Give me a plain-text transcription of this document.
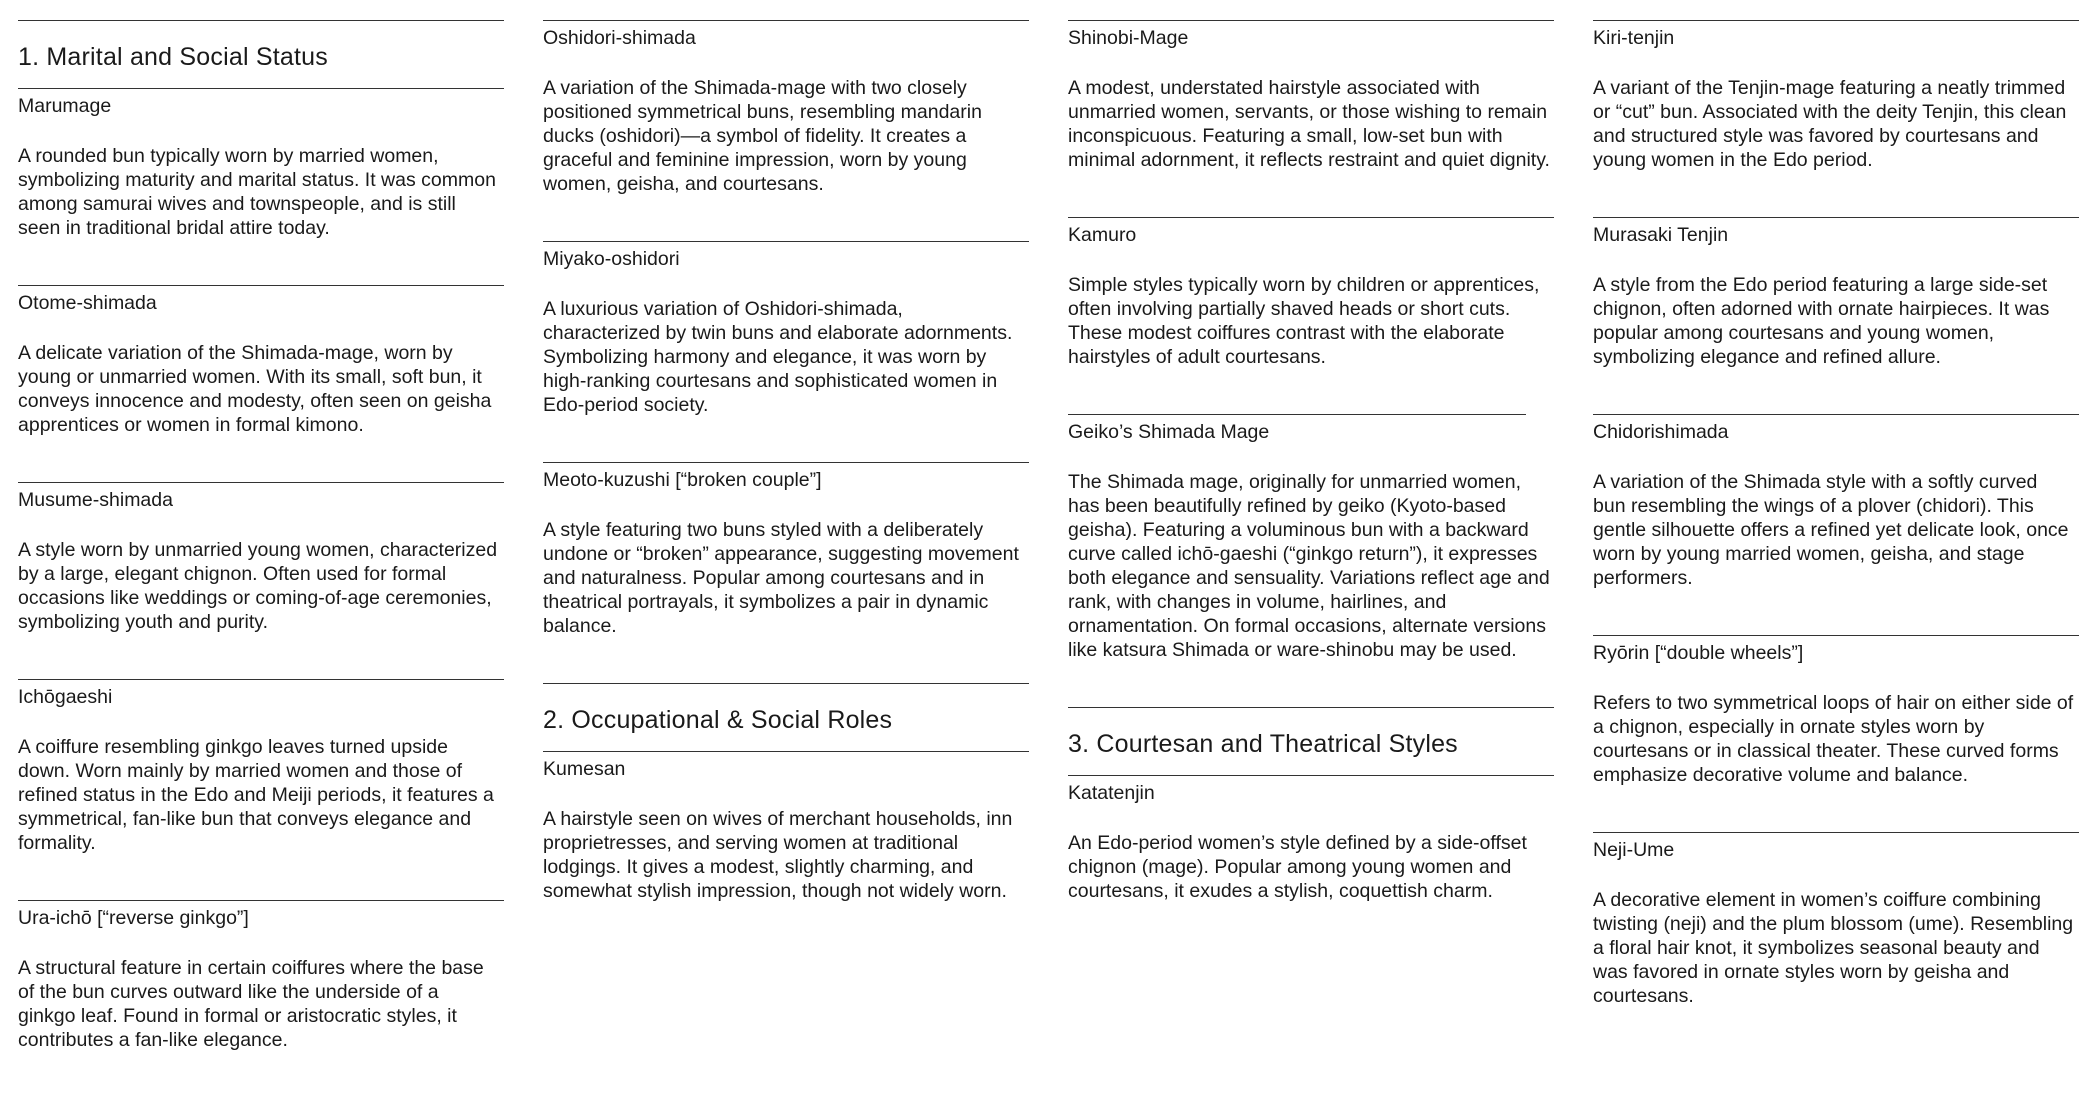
1. Marital and Social Status
Marumage

A rounded bun typically worn by married women, symbolizing maturity and marital status. It was common among samurai wives and townspeople, and is still seen in traditional bridal attire today.

Otome-shimada

A delicate variation of the Shimada-mage, worn by young or unmarried women. With its small, soft bun, it conveys innocence and modesty, often seen on geisha apprentices or women in formal kimono.

Musume-shimada

A style worn by unmarried young women, characterized by a large, elegant chignon. Often used for formal occasions like weddings or coming-of-age ceremonies, symbolizing youth and purity.

Ichōgaeshi

A coiffure resembling ginkgo leaves turned upside down. Worn mainly by married women and those of refined status in the Edo and Meiji periods, it features a symmetrical, fan-like bun that conveys elegance and formality.

Ura-ichō [“reverse ginkgo”]

A structural feature in certain coiffures where the base of the bun curves outward like the underside of a ginkgo leaf. Found in formal or aristocratic styles, it contributes a fan-like elegance.

Oshidori-shimada

A variation of the Shimada-mage with two closely positioned symmetrical buns, resembling mandarin ducks (oshidori)—a symbol of fidelity. It creates a graceful and feminine impression, worn by young women, geisha, and courtesans.

Miyako-oshidori

A luxurious variation of Oshidori-shimada, characterized by twin buns and elaborate adornments. Symbolizing harmony and elegance, it was worn by high-ranking courtesans and sophisticated women in Edo-period society.

Meoto-kuzushi [“broken couple”]

A style featuring two buns styled with a deliberately undone or “broken” appearance, suggesting movement and naturalness. Popular among courtesans and in theatrical portrayals, it symbolizes a pair in dynamic balance.

2. Occupational & Social Roles
Kumesan

A hairstyle seen on wives of merchant households, inn proprietresses, and serving women at traditional lodgings. It gives a modest, slightly charming, and somewhat stylish impression, though not widely worn.

Shinobi-Mage

A modest, understated hairstyle associated with unmarried women, servants, or those wishing to remain inconspicuous. Featuring a small, low-set bun with minimal adornment, it reflects restraint and quiet dignity.

Kamuro

Simple styles typically worn by children or apprentices, often involving partially shaved heads or short cuts. These modest coiffures contrast with the elaborate hairstyles of adult courtesans.

Geiko’s Shimada Mage

The Shimada mage, originally for unmarried women, has been beautifully refined by geiko (Kyoto-based geisha). Featuring a voluminous bun with a backward curve called ichō-gaeshi (“ginkgo return”), it expresses both elegance and sensuality. Variations reflect age and rank, with changes in volume, hairlines, and ornamentation. On formal occasions, alternate versions like katsura Shimada or ware-shinobu may be used.

3. Courtesan and Theatrical Styles
Katatenjin

An Edo-period women’s style defined by a side-offset chignon (mage). Popular among young women and courtesans, it exudes a stylish, coquettish charm.

Kiri-tenjin

A variant of the Tenjin-mage featuring a neatly trimmed or “cut” bun. Associated with the deity Tenjin, this clean and structured style was favored by courtesans and young women in the Edo period.

Murasaki Tenjin

A style from the Edo period featuring a large side-set chignon, often adorned with ornate hairpieces. It was popular among courtesans and young women, symbolizing elegance and refined allure.

Chidorishimada

A variation of the Shimada style with a softly curved bun resembling the wings of a plover (chidori). This gentle silhouette offers a refined yet delicate look, once worn by young married women, geisha, and stage performers.

Ryōrin [“double wheels”]

Refers to two symmetrical loops of hair on either side of a chignon, especially in ornate styles worn by courtesans or in classical theater. These curved forms emphasize decorative volume and balance.

Neji-Ume

A decorative element in women’s coiffure combining twisting (neji) and the plum blossom (ume). Resembling a floral hair knot, it symbolizes seasonal beauty and was favored in ornate styles worn by geisha and courtesans.
